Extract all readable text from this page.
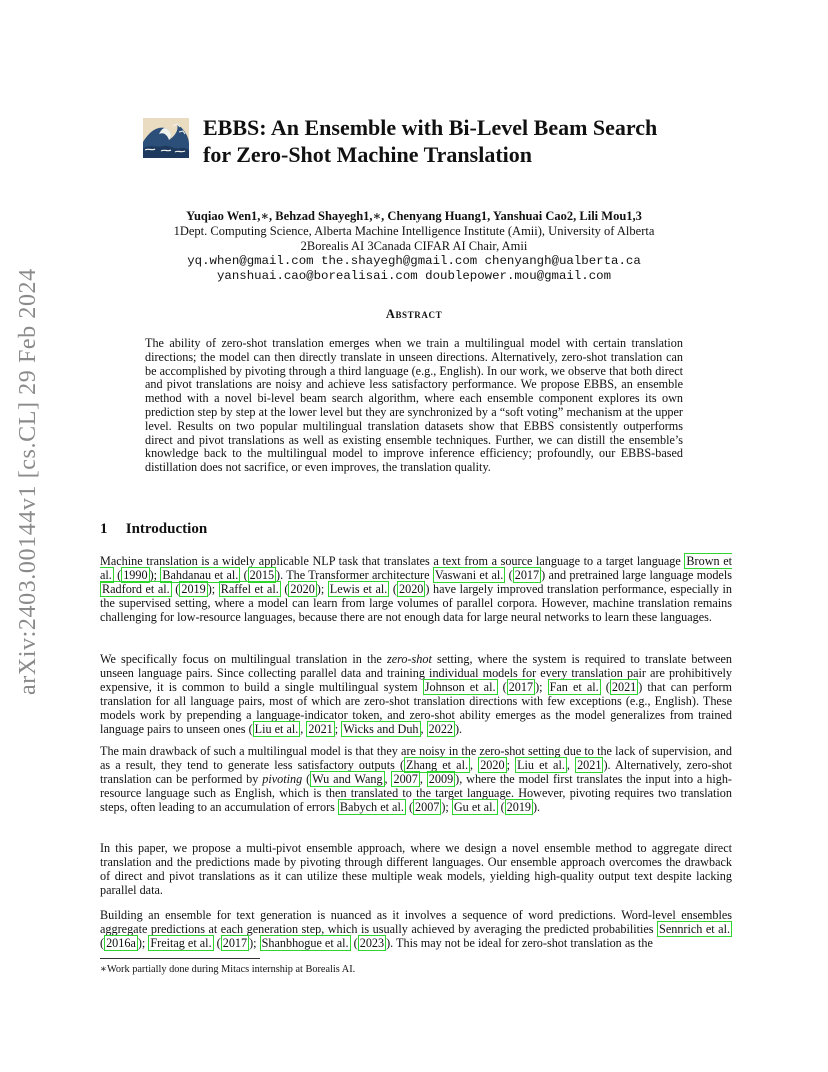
arXiv:2403.00144v1 [cs.CL] 29 Feb 2024
EBBS: An Ensemble with Bi-Level Beam Search
for Zero-Shot Machine Translation
Yuqiao Wen1,∗, Behzad Shayegh1,∗, Chenyang Huang1, Yanshuai Cao2, Lili Mou1,3
1Dept. Computing Science, Alberta Machine Intelligence Institute (Amii), University of Alberta
2Borealis AI 3Canada CIFAR AI Chair, Amii
yq.when@gmail.com the.shayegh@gmail.com chenyangh@ualberta.ca
yanshuai.cao@borealisai.com doublepower.mou@gmail.com
Abstract
The ability of zero-shot translation emerges when we train a multilingual model with certain translation directions; the model can then directly translate in unseen directions. Alternatively, zero-shot translation can be accomplished by pivoting through a third language (e.g., English). In our work, we observe that both direct and pivot translations are noisy and achieve less satisfactory performance. We propose EBBS, an ensemble method with a novel bi-level beam search algorithm, where each ensemble component explores its own prediction step by step at the lower level but they are synchronized by a “soft voting” mechanism at the upper level. Results on two popular multilingual translation datasets show that EBBS consistently outperforms direct and pivot translations as well as existing ensemble techniques. Further, we can distill the ensemble’s knowledge back to the multilingual model to improve inference efficiency; profoundly, our EBBS-based distillation does not sacrifice, or even improves, the translation quality.
1 Introduction
Machine translation is a widely applicable NLP task that translates a text from a source language to a target language Brown et al. ( 1990 ); Bahdanau et al. ( 2015 ). The Transformer architecture Vaswani et al. ( 2017 ) and pretrained large language models Radford et al. ( 2019 ); Raffel et al. ( 2020 ); Lewis et al. ( 2020 ) have largely improved translation performance, especially in the supervised setting, where a model can learn from large volumes of parallel corpora. However, machine translation remains challenging for low-resource languages, because there are not enough data for large neural networks to learn these languages.
We specifically focus on multilingual translation in the zero-shot setting, where the system is required to translate between unseen language pairs. Since collecting parallel data and training individual models for every translation pair are prohibitively expensive, it is common to build a single multilingual system Johnson et al. ( 2017 ); Fan et al. ( 2021 ) that can perform translation for all language pairs, most of which are zero-shot translation directions with few exceptions (e.g., English). These models work by prepending a language-indicator token, and zero-shot ability emerges as the model generalizes from trained language pairs to unseen ones ( Liu et al. , 2021 ; Wicks and Duh , 2022 ).
The main drawback of such a multilingual model is that they are noisy in the zero-shot setting due to the lack of supervision, and as a result, they tend to generate less satisfactory outputs ( Zhang et al. , 2020 ; Liu et al. , 2021 ). Alternatively, zero-shot translation can be performed by pivoting ( Wu and Wang , 2007 , 2009 ), where the model first translates the input into a high-resource language such as English, which is then translated to the target language. However, pivoting requires two translation steps, often leading to an accumulation of errors Babych et al. ( 2007 ); Gu et al. ( 2019 ).
In this paper, we propose a multi-pivot ensemble approach, where we design a novel ensemble method to aggregate direct translation and the predictions made by pivoting through different languages. Our ensemble approach overcomes the drawback of direct and pivot translations as it can utilize these multiple weak models, yielding high-quality output text despite lacking parallel data.
Building an ensemble for text generation is nuanced as it involves a sequence of word predictions. Word-level ensembles aggregate predictions at each generation step, which is usually achieved by averaging the predicted probabilities Sennrich et al. ( 2016a ); Freitag et al. ( 2017 ); Shanbhogue et al. ( 2023 ). This may not be ideal for zero-shot translation as the
∗Work partially done during Mitacs internship at Borealis AI.
